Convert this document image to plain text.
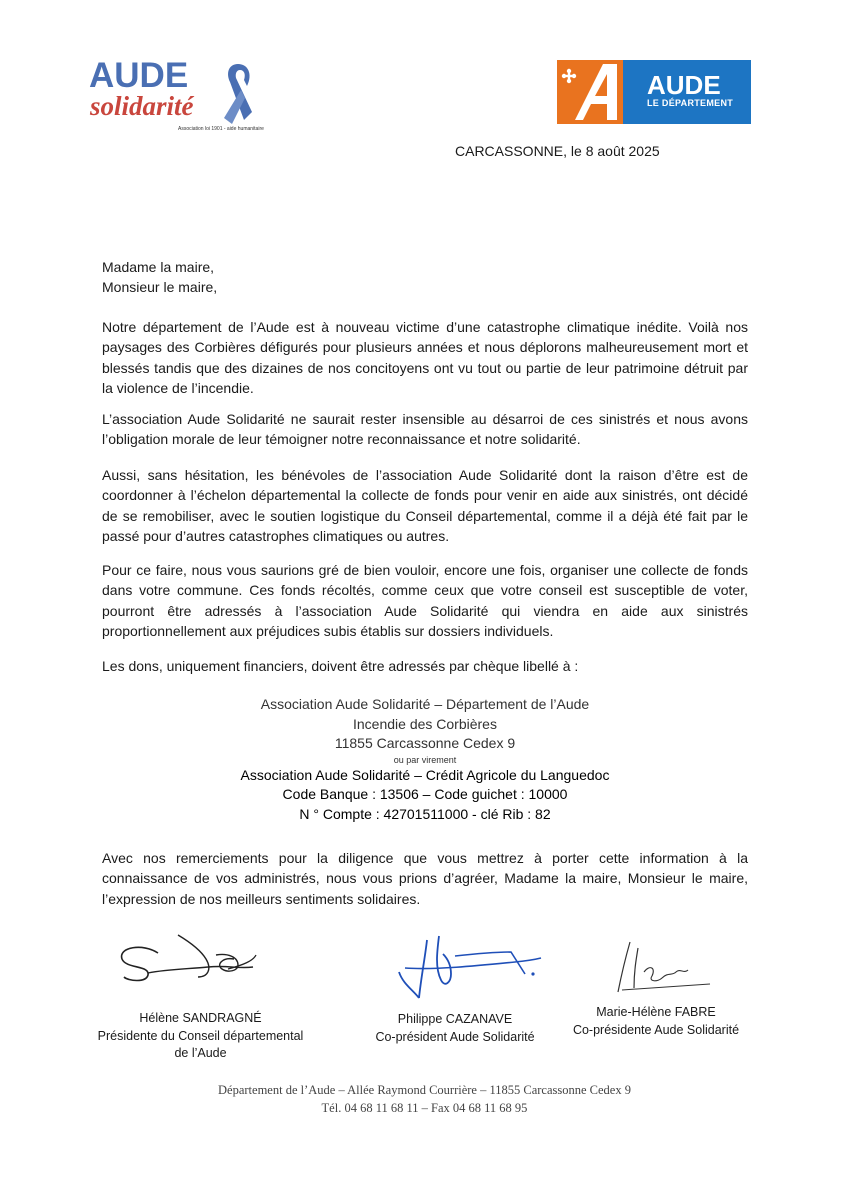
AUDE
solidarité
Association loi 1901 - aide humanitaire
AUDE
LE DÉPARTEMENT
CARCASSONNE, le 8 août 2025
Madame la maire,
Monsieur le maire,

Notre département de l’Aude est à nouveau victime d’une catastrophe climatique inédite. Voilà nos paysages des Corbières défigurés pour plusieurs années et nous déplorons malheureusement mort et blessés tandis que des dizaines de nos concitoyens ont vu tout ou partie de leur patrimoine détruit par la violence de l’incendie.

L’association Aude Solidarité ne saurait rester insensible au désarroi de ces sinistrés et nous avons l’obligation morale de leur témoigner notre reconnaissance et notre solidarité.

Aussi, sans hésitation, les bénévoles de l’association Aude Solidarité dont la raison d’être est de coordonner à l’échelon départemental la collecte de fonds pour venir en aide aux sinistrés, ont décidé de se remobiliser, avec le soutien logistique du Conseil départemental, comme il a déjà été fait par le passé pour d’autres catastrophes climatiques ou autres.

Pour ce faire, nous vous saurions gré de bien vouloir, encore une fois, organiser une collecte de fonds dans votre commune. Ces fonds récoltés, comme ceux que votre conseil est susceptible de voter, pourront être adressés à l’association Aude Solidarité qui viendra en aide aux sinistrés proportionnellement aux préjudices subis établis sur dossiers individuels.

Les dons, uniquement financiers, doivent être adressés par chèque libellé à :

Association Aude Solidarité – Département de l’Aude
Incendie des Corbières
11855 Carcassonne Cedex 9
ou par virement
Association Aude Solidarité – Crédit Agricole du Languedoc
Code Banque : 13506 – Code guichet : 10000
N ° Compte : 42701511000 - clé Rib : 82

Avec nos remerciements pour la diligence que vous mettrez à porter cette information à la connaissance de vos administrés, nous vous prions d’agréer, Madame la maire, Monsieur le maire, l’expression de nos meilleurs sentiments solidaires.

Hélène SANDRAGNÉ
Présidente du Conseil départemental
de l’Aude
Philippe CAZANAVE
Co-président Aude Solidarité
Marie-Hélène FABRE
Co-présidente Aude Solidarité
Département de l’Aude – Allée Raymond Courrière – 11855 Carcassonne Cedex 9
Tél. 04 68 11 68 11 – Fax 04 68 11 68 95
